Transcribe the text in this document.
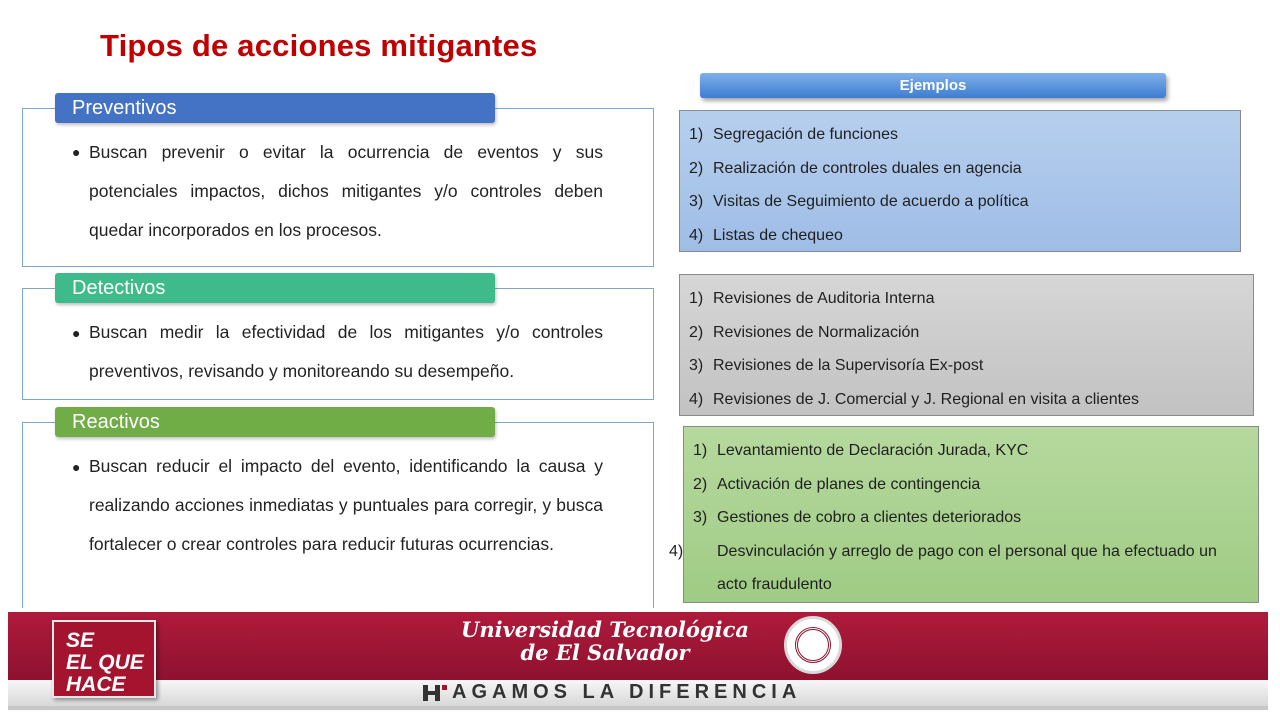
Tipos de acciones mitigantes
Preventivos
● Buscan prevenir o evitar la ocurrencia de eventos y sus potenciales impactos, dichos mitigantes y/o controles deben quedar incorporados en los procesos.
Detectivos
● Buscan medir la efectividad de los mitigantes y/o controles preventivos, revisando y monitoreando su desempeño.
Reactivos
● Buscan reducir el impacto del evento, identificando la causa y realizando acciones inmediatas y puntuales para corregir, y busca fortalecer o crear controles para reducir futuras ocurrencias.
Ejemplos
1) Segregación de funciones
2) Realización de controles duales en agencia
3) Visitas de Seguimiento de acuerdo a política
4) Listas de chequeo
1) Revisiones de Auditoria Interna
2) Revisiones de Normalización
3) Revisiones de la Supervisoría Ex-post
4) Revisiones de J. Comercial y J. Regional en visita a clientes
1) Levantamiento de Declaración Jurada, KYC
2) Activación de planes de contingencia
3) Gestiones de cobro a clientes deteriorados
4) Desvinculación y arreglo de pago con el personal que ha efectuado un acto fraudulento
SE
EL QUE
HACE
Universidad Tecnológica
de El Salvador
AGAMOS LA DIFERENCIA
